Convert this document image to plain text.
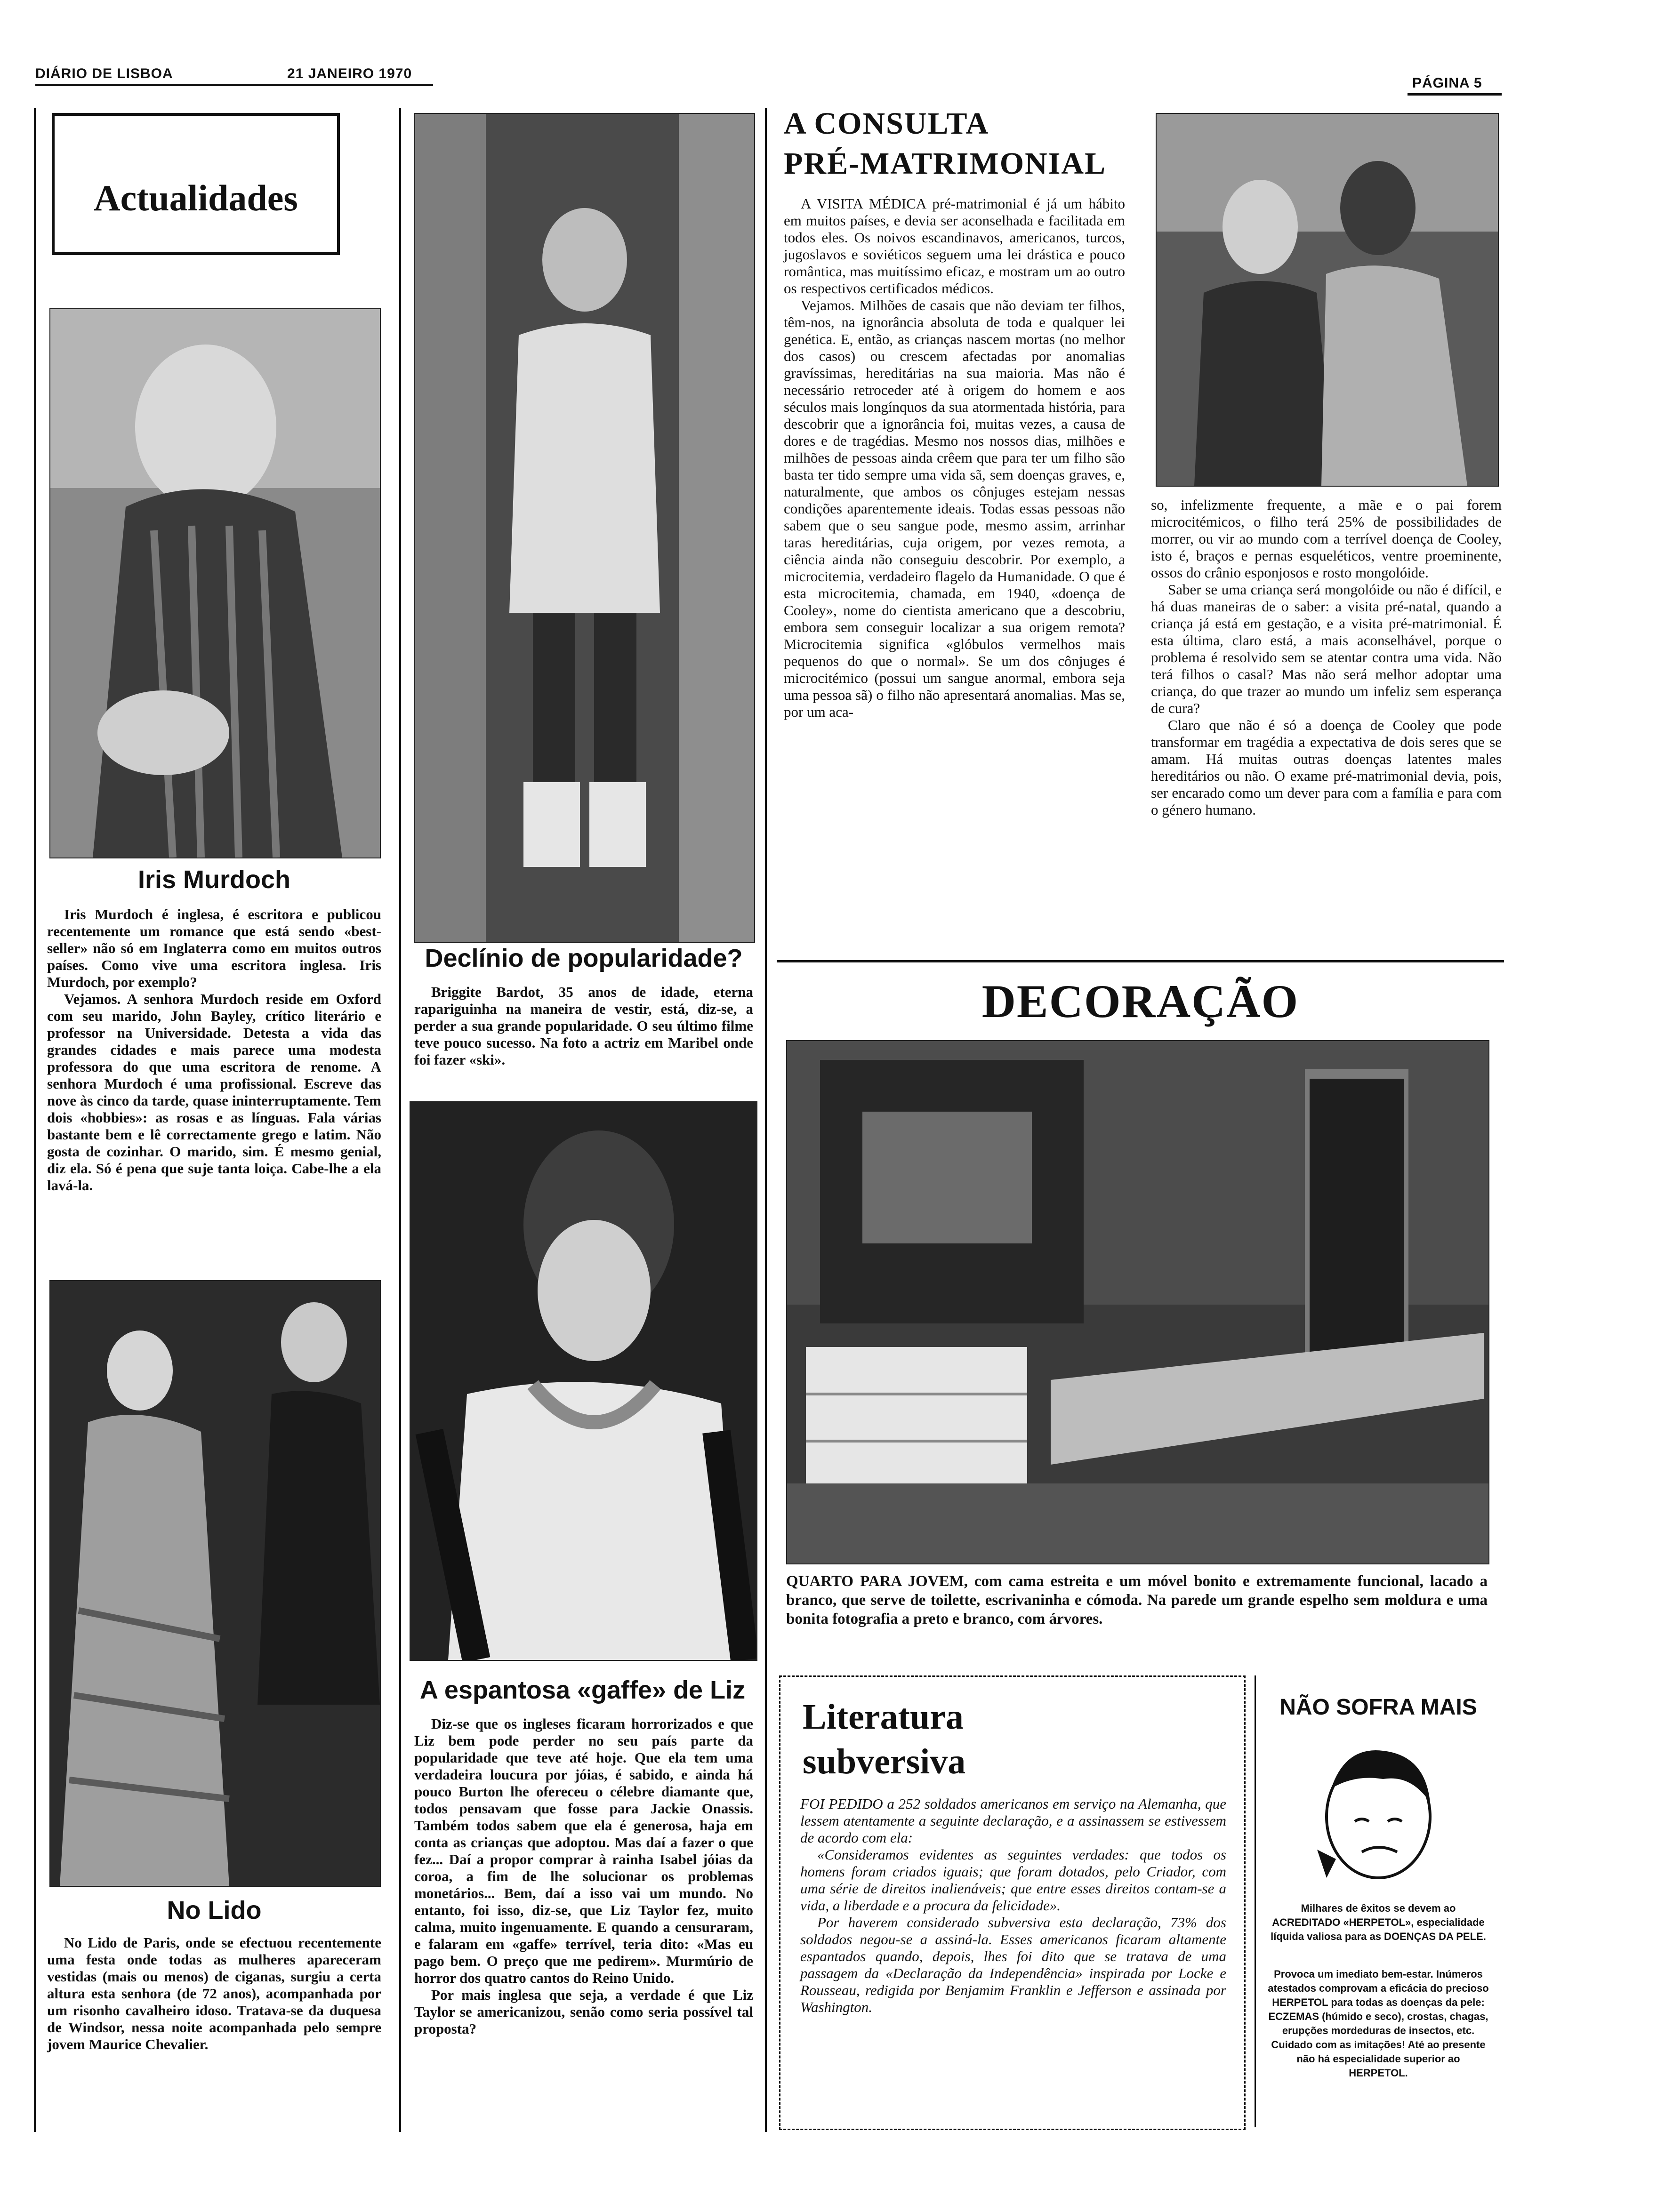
DIÁRIO DE LISBOA	21 JANEIRO 1970
PÁGINA 5
Actualidades
Iris Murdoch

Iris Murdoch é inglesa, é escritora e publicou recentemente um romance que está sendo «best-seller» não só em Inglaterra como em muitos outros países. Como vive uma escritora inglesa. Iris Murdoch, por exemplo?

Vejamos. A senhora Murdoch reside em Oxford com seu marido, John Bayley, crítico literário e professor na Universidade. Detesta a vida das grandes cidades e mais parece uma modesta professora do que uma escritora de renome. A senhora Murdoch é uma profissional. Escreve das nove às cinco da tarde, quase ininterruptamente. Tem dois «hobbies»: as rosas e as línguas. Fala várias bastante bem e lê correctamente grego e latim. Não gosta de cozinhar. O marido, sim. É mesmo genial, diz ela. Só é pena que suje tanta loiça. Cabe-lhe a ela lavá-la.

No Lido

No Lido de Paris, onde se efectuou recentemente uma festa onde todas as mulheres apareceram vestidas (mais ou menos) de ciganas, surgiu a certa altura esta senhora (de 72 anos), acompanhada por um risonho cavalheiro idoso. Tratava-se da duquesa de Windsor, nessa noite acompanhada pelo sempre jovem Maurice Chevalier.

Declínio de popularidade?

Briggite Bardot, 35 anos de idade, eterna rapariguinha na maneira de vestir, está, diz-se, a perder a sua grande popularidade. O seu último filme teve pouco sucesso. Na foto a actriz em Maribel onde foi fazer «ski».

A espantosa «gaffe» de Liz

Diz-se que os ingleses ficaram horrorizados e que Liz bem pode perder no seu país parte da popularidade que teve até hoje. Que ela tem uma verdadeira loucura por jóias, é sabido, e ainda há pouco Burton lhe ofereceu o célebre diamante que, todos pensavam que fosse para Jackie Onassis. Também todos sabem que ela é generosa, haja em conta as crianças que adoptou. Mas daí a fazer o que fez... Daí a propor comprar à rainha Isabel jóias da coroa, a fim de lhe solucionar os problemas monetários... Bem, daí a isso vai um mundo. No entanto, foi isso, diz-se, que Liz Taylor fez, muito calma, muito ingenuamente. E quando a censuraram, e falaram em «gaffe» terrível, teria dito: «Mas eu pago bem. O preço que me pedirem». Murmúrio de horror dos quatro cantos do Reino Unido.

Por mais inglesa que seja, a verdade é que Liz Taylor se americanizou, senão como seria possível tal proposta?

A CONSULTA
PRÉ-MATRIMONIAL

A VISITA MÉDICA pré-matrimonial é já um hábito em muitos países, e devia ser aconselhada e facilitada em todos eles. Os noivos escandinavos, americanos, turcos, jugoslavos e soviéticos seguem uma lei drástica e pouco romântica, mas muitíssimo eficaz, e mostram um ao outro os respectivos certificados médicos.

Vejamos. Milhões de casais que não deviam ter filhos, têm-nos, na ignorância absoluta de toda e qualquer lei genética. E, então, as crianças nascem mortas (no melhor dos casos) ou crescem afectadas por anomalias gravíssimas, hereditárias na sua maioria. Mas não é necessário retroceder até à origem do homem e aos séculos mais longínquos da sua atormentada história, para descobrir que a ignorância foi, muitas vezes, a causa de dores e de tragédias. Mesmo nos nossos dias, milhões e milhões de pessoas ainda crêem que para ter um filho são basta ter tido sempre uma vida sã, sem doenças graves, e, naturalmente, que ambos os cônjuges estejam nessas condições aparentemente ideais. Todas essas pessoas não sabem que o seu sangue pode, mesmo assim, arrinhar taras hereditárias, cuja origem, por vezes remota, a ciência ainda não conseguiu descobrir. Por exemplo, a microcitemia, verdadeiro flagelo da Humanidade. O que é esta microcitemia, chamada, em 1940, «doença de Cooley», nome do cientista americano que a descobriu, embora sem conseguir localizar a sua origem remota? Microcitemia significa «glóbulos vermelhos mais pequenos do que o normal». Se um dos cônjuges é microcitémico (possui um sangue anormal, embora seja uma pessoa sã) o filho não apresentará anomalias. Mas se, por um aca-

so, infelizmente frequente, a mãe e o pai forem microcitémicos, o filho terá 25% de possibilidades de morrer, ou vir ao mundo com a terrível doença de Cooley, isto é, braços e pernas esqueléticos, ventre proeminente, ossos do crânio esponjosos e rosto mongolóide.

Saber se uma criança será mongolóide ou não é difícil, e há duas maneiras de o saber: a visita pré-natal, quando a criança já está em gestação, e a visita pré-matrimonial. É esta última, claro está, a mais aconselhável, porque o problema é resolvido sem se atentar contra uma vida. Não terá filhos o casal? Mas não será melhor adoptar uma criança, do que trazer ao mundo um infeliz sem esperança de cura?

Claro que não é só a doença de Cooley que pode transformar em tragédia a expectativa de dois seres que se amam. Há muitas outras doenças latentes males hereditários ou não. O exame pré-matrimonial devia, pois, ser encarado como um dever para com a família e para com o género humano.

DECORAÇÃO
QUARTO PARA JOVEM, com cama estreita e um móvel bonito e extremamente funcional, lacado a branco, que serve de toilette, escrivaninha e cómoda. Na parede um grande espelho sem moldura e uma bonita fotografia a preto e branco, com árvores.
Literatura
subversiva

FOI PEDIDO a 252 soldados americanos em serviço na Alemanha, que lessem atentamente a seguinte declaração, e a assinassem se estivessem de acordo com ela:

«Consideramos evidentes as seguintes verdades: que todos os homens foram criados iguais; que foram dotados, pelo Criador, com uma série de direitos inalienáveis; que entre esses direitos contam-se a vida, a liberdade e a procura da felicidade».

Por haverem considerado subversiva esta declaração, 73% dos soldados negou-se a assiná-la. Esses americanos ficaram altamente espantados quando, depois, lhes foi dito que se tratava de uma passagem da «Declaração da Independência» inspirada por Locke e Rousseau, redigida por Benjamim Franklin e Jefferson e assinada por Washington.

NÃO SOFRA MAIS
Milhares de êxitos se devem ao ACREDITADO «HERPETOL», especialidade líquida valiosa para as DOENÇAS DA PELE.
Provoca um imediato bem-estar. Inúmeros atestados comprovam a eficácia do precioso HERPETOL para todas as doenças da pele: ECZEMAS (húmido e seco), crostas, chagas, erupções mordeduras de insectos, etc. Cuidado com as imitações! Até ao presente não há especialidade superior ao HERPETOL.
